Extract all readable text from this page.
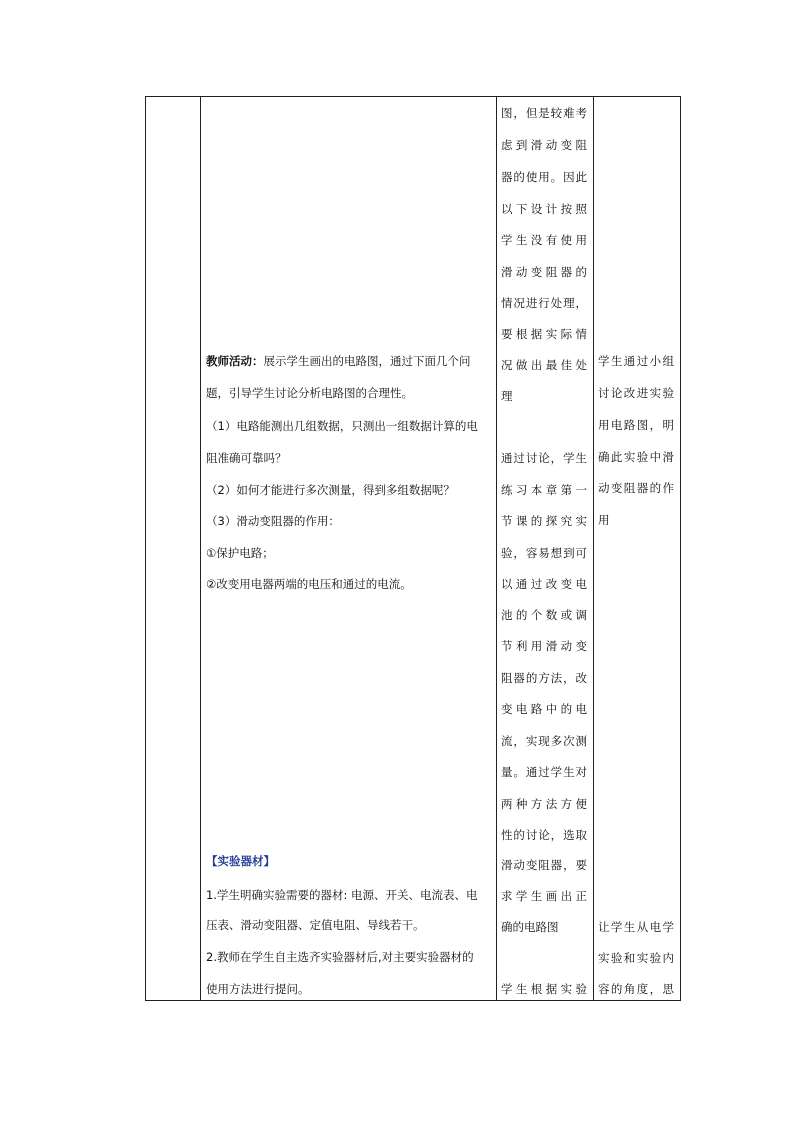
教师活动：展示学生画出的电路图，通过下面几个问
题，引导学生讨论分析电路图的合理性。
（1）电路能测出几组数据，只测出一组数据计算的电
阻准确可靠吗？
（2）如何才能进行多次测量，得到多组数据呢？
（3）滑动变阻器的作用：
①保护电路；
②改变用电器两端的电压和通过的电流。
【实验器材】
1.学生明确实验需要的器材: 电源、开关、电流表、电
压表、滑动变阻器、定值电阻、导线若干。
2.教师在学生自主选齐实验器材后,对主要实验器材的
使用方法进行提问。
图，但是较难考
虑到滑动变阻
器的使用。因此
以下设计按照
学生没有使用
滑动变阻器的
情况进行处理，
要根据实际情
况做出最佳处
理
通过讨论，学生
练习本章第一
节课的探究实
验，容易想到可
以通过改变电
池的个数或调
节利用滑动变
阻器的方法，改
变电路中的电
流，实现多次测
量。通过学生对
两种方法方便
性的讨论，选取
滑动变阻器，要
求学生画出正
确的电路图
学生根据实验
学生通过小组
讨论改进实验
用电路图，明
确此实验中滑
动变阻器的作
用
让学生从电学
实验和实验内
容的角度，思
